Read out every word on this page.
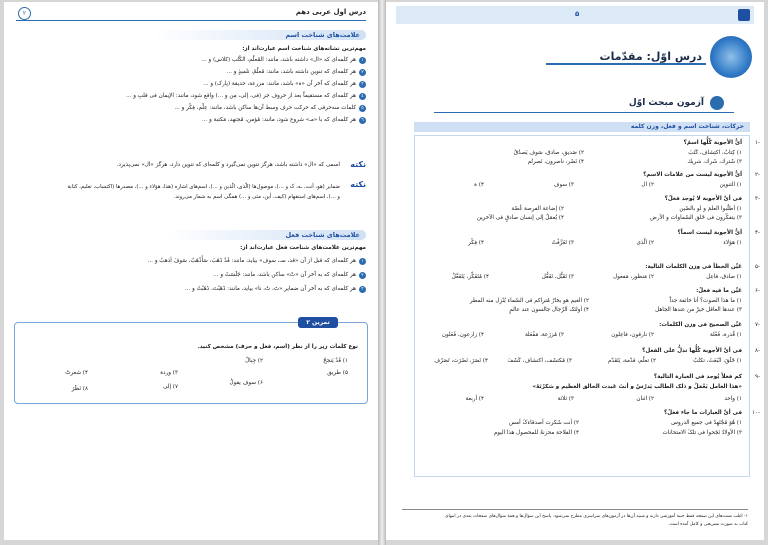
درس اول عربی دهم
۲
علامت‌های شناخت اسم
مهم‌ترین نشانه‌های شناخت اسم عبارت‌اند از:
١
هر کلمه‌ای که «ال» داشته باشد، مانند: المُعلّم، الکُتُب (کلاس) و ...
٢
هر کلمه‌ای که تنوین داشته باشد، مانند: مُعلّمٌ، تلمیذٍ و ...
٣
هر کلمه‌ای که آخر آن «ة» باشد، مانند: مزرعة، حدیقة (پارک) و ...
٤
هر کلمه‌ای که مستقیماً بعد از حروف جر (فی، إلی، مِن و ...) واقع شود، مانند: الإیمان فی قلبِ و ...
٥
کلمات سه‌حرفی که حرکت حرف وسط آن‌ها ساکن باشد، مانند: عِلْم، فِکْر و ...
٦
هر کلمه‌ای که با «مـ» شروع شود، مانند: مُؤمن، مُجتهد، مَکتبة و ...
نکته
اسمی که «ال» داشته باشد، هرگز تنوین نمی‌گیرد و کلمه‌ای که تنوین دارد، هرگز «ال» نمی‌پذیرد.
نکته
ضمایر (هو، أنت، ـه، ک و ...)، موصول‌ها (الّذی، الّذین و ...)، اسم‌های اشاره (هذا، هؤلاء و ...)، مصدرها (اکتساب، تعلیم، کتابة
و ...)، اسم‌های استفهام (کیف، أین، متی و ...) همگی اسم به شمار می‌روند.
علامت‌های شناخت فعل
مهم‌ترین علامت‌های شناخت فعل عبارت‌اند از:
١
هر کلمه‌ای که قبل از آن «قد، سـ، سوف» بیاید، مانند: قَدْ ذَهَبَ، سَأَذْهَبُ، سَوفَ أذهبُ و ...
٢
هر کلمه‌ای که به آخر آن «تْ» ساکن باشد، مانند: جَلَسَتْ و ...
٣
هر کلمه‌ای که به آخر آن ضمایر «تَ، تُ، نا» بیاید، مانند: ذَهَبْتَ، ذَهَبْتُ و ...
تمرین ۲
نوع کلمات زیر را از نظر (اسم، فعل و حرف) مشخص کنید.
۱) قَدْ یَنجحُ
۲) جِبالٌ
۳) وردة
۴) شعرتُ	۵) طریق
۶) سوف یقولُ
۷) إلی
۸) نَظَرَ
۵
درس اوّل: مقدّمات
آزمون مبحث اوّل
حرکات، شناخت اسم و فعل، وزن کلمه
-۱
أیُّ الأجوبة کُلُّها اسمٌ؟
۱) کِتابٌ، اکتِشاف، کَتَبَ
۲) صَدیق، صادق، سَوف یَصدُقُ
۳) شَترك، شَرك، شريك
۴) نَصْر، ناصرون، نَصرتُم
-۲
أیُّ الأجوبة لیست من علامات الاسم؟
۱) التنوین
۲) ال
۳) سوف
۴) ة
-۳
فی أیِّ الأجوبة لا یُوجد فعلٌ؟
۱) أطلُبوا العلمَ و لو بالصّین
۲) إضاعة الفرصة غُصّة
۳) یتفکّرون فی خَلقِ السّماوات و الأرض
۴) یُعمَلُ إلی إنسان صادقٍ فی الآخرین
-۴
أیُّ الأجوبة لیست اسماً؟
۱) هؤلاء
۲) الّذی
۳) تَعَرَّفْتُ
۴) فِکْر
-۵
عَیِّن الخطأ فی وزن الکلمات التالیة:
۱) صادق، فاعِل
۲) مَنظور، مَفعول
۳) تَقَبُّل، تَفَعُّل
۴) مُتَفَکِّر، یَتَفَعَّلُ
-۶
عَیِّن ما فیه فعلٌ:
۱) ما هذا الصوت؟ أنا خائفة جداً
۲) الغیم هو بخارٌ مُتراکم فی السّماء یُنْزِل منه المطر
۳) عندها العاقل خیرٌ من عندها الجاهل
۴) أولئک الرّجال جالسون عند عالمٍ
-۷
عَیِّن الصحیح فی وزن الکلمات:
۱) قُدرة، فَعْلة
۲) نارقون، فاعِلون
۳) مُزرَعة، مَفْعَلة
۴) زارعون، فَعَلون
-۸
فی أیِّ الأجوبة کُلُّها تدلُّ علی الفعل؟
۱) خَلَقَ، انْبَعَثَ، تکتُبُ
۲) تعلّم، قدّمة، یَتَقَدّم
۳) مُکتشَف، اکتشاف، کَشَفَ
۴) نَصَرَ، نَصْرَت، تَصَرّف
-۹
کم فعلاً یُوجد فی العبارة التالیة؟
«هذا العامل یَعْمَلُ و ذلک الطالب یَدرُسُ و أنتَ عَبدت الخالق العظیم و شکرْتَهُ»
۱) واحد
۲) اثنان
۳) ثلاثة
۴) أربعة
-۱۰
فی أیِّ العبارات ما جاء فعلٌ؟
۱) هُوَ مُجْتَهِدٌ فی جمیع الدروس
۲) أنت شَکرت أصدقاءکَ أمس
۳) الأولادُ نَجَحوا فی تلکَ الامتحانات
۴) الفلاحة محزنةٌ للمحصول هذا الیوم
۱- اغلب تست‌های این صفحه فقط جنبهٔ آموزشی دارند و شبیه آن‌ها در آزمون‌های سراسری مطرح نمی‌شود. پاسخ این سؤال‌ها و همهٔ سؤال‌های صفحات بعدی در انتهای
کتاب به صورت تشریحی و کامل آمده است.
